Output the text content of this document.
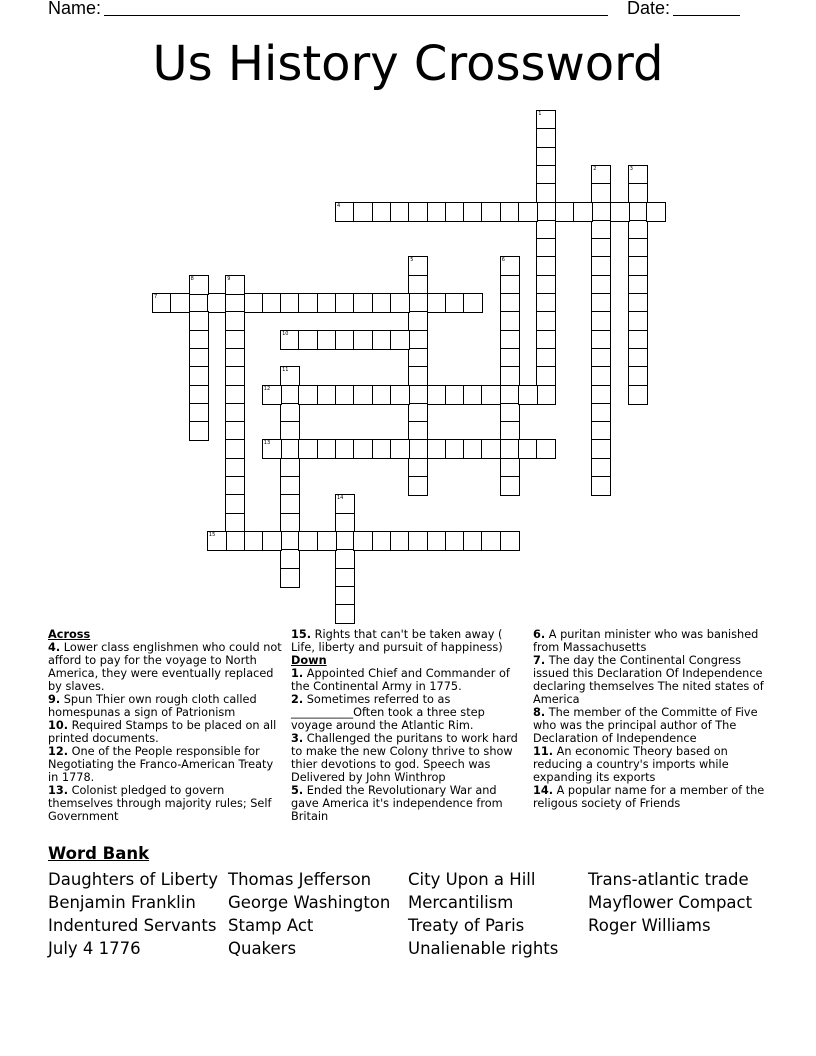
Name:	Date:
Us History Crossword
1
2	3
4
5	6
7
8	9
10
11
12
13
14
15
Across

4. Lower class englishmen who could not afford to pay for the voyage to North America, they were eventually replaced by slaves.

9. Spun Thier own rough cloth called homespunas a sign of Patrionism

10. Required Stamps to be placed on all printed documents.

12. One of the People responsible for Negotiating the Franco-American Treaty in 1778.

13. Colonist pledged to govern themselves through majority rules; Self Government

15. Rights that can't be taken away ( Life, liberty and pursuit of happiness)

Down

1. Appointed Chief and Commander of the Continental Army in 1775.

2. Sometimes referred to as ___________Often took a three step voyage around the Atlantic Rim.

3. Challenged the puritans to work hard to make the new Colony thrive to show thier devotions to god. Speech was Delivered by John Winthrop

5. Ended the Revolutionary War and gave America it's independence from Britain

6. A puritan minister who was banished from Massachusetts

7. The day the Continental Congress issued this Declaration Of Independence declaring themselves The nited states of America

8. The member of the Committe of Five who was the principal author of The Declaration of Independence

11. An economic Theory based on reducing a country's imports while expanding its exports

14. A popular name for a member of the religous society of Friends

Word Bank
Daughters of Liberty
Benjamin Franklin
Indentured Servants
July 4 1776
Thomas Jefferson
George Washington
Stamp Act
Quakers
City Upon a Hill
Mercantilism
Treaty of Paris
Unalienable rights
Trans-atlantic trade
Mayflower Compact
Roger Williams
